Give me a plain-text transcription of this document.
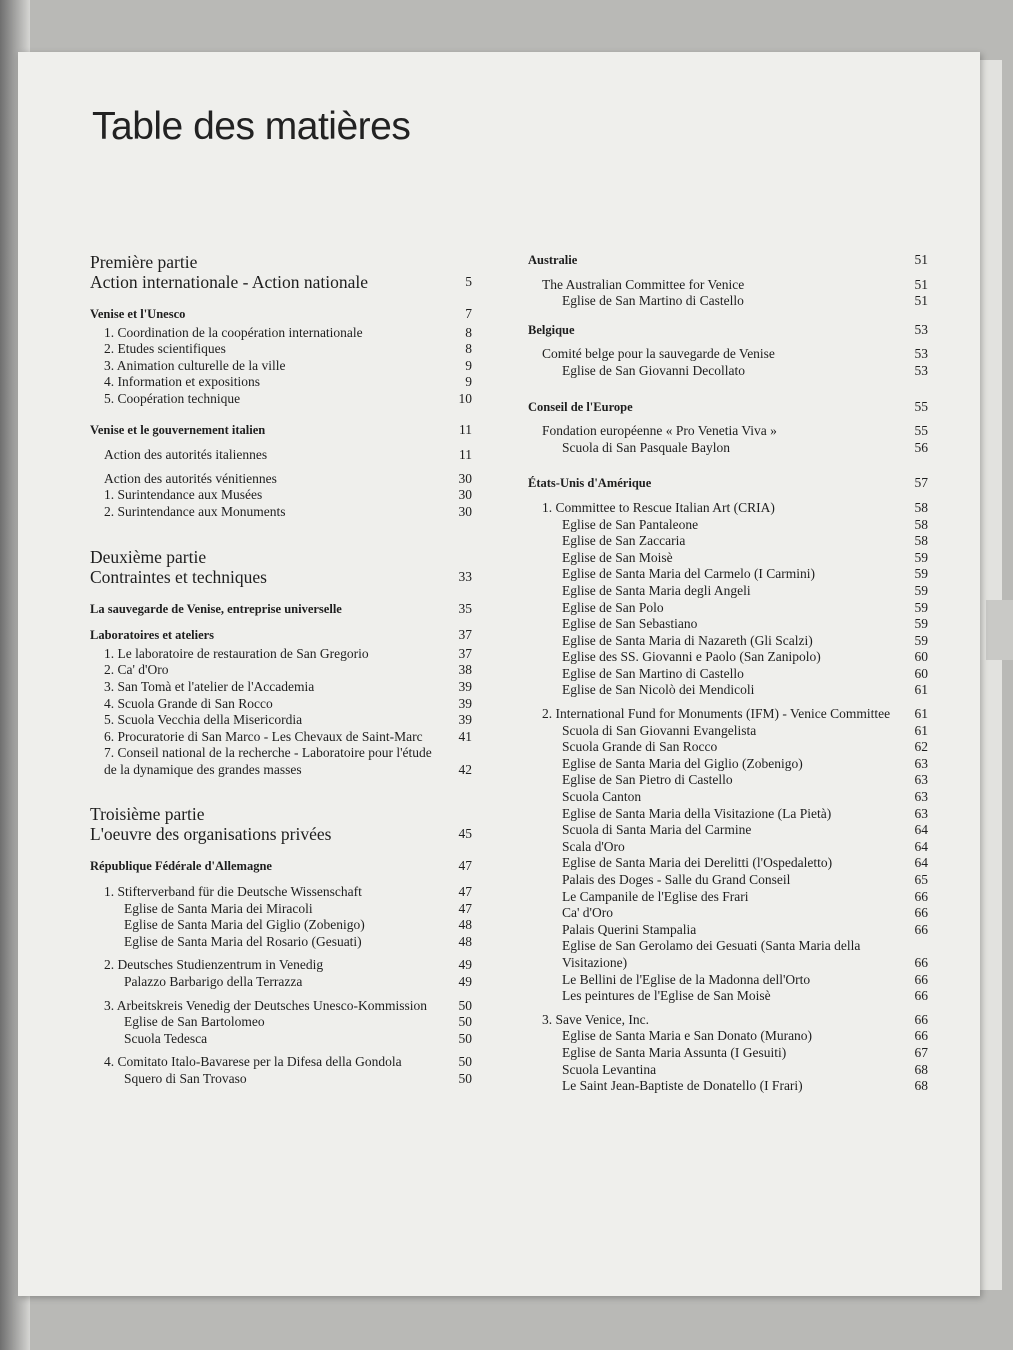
Table des matières
Première partie
Action internationale - Action nationale	5
Venise et l'Unesco	7
1. Coordination de la coopération internationale	8
2. Etudes scientifiques	8
3. Animation culturelle de la ville	9
4. Information et expositions	9
5. Coopération technique	10
Venise et le gouvernement italien	11
Action des autorités italiennes	11
Action des autorités vénitiennes	30
1. Surintendance aux Musées	30
2. Surintendance aux Monuments	30
Deuxième partie
Contraintes et techniques	33
La sauvegarde de Venise, entreprise universelle	35
Laboratoires et ateliers	37
1. Le laboratoire de restauration de San Gregorio	37
2. Ca' d'Oro	38
3. San Tomà et l'atelier de l'Accademia	39
4. Scuola Grande di San Rocco	39
5. Scuola Vecchia della Misericordia	39
6. Procuratorie di San Marco - Les Chevaux de Saint-Marc	41
7. Conseil national de la recherche - Laboratoire pour l'étude de la dynamique des grandes masses	42
Troisième partie
L'oeuvre des organisations privées	45
République Fédérale d'Allemagne	47
1. Stifterverband für die Deutsche Wissenschaft	47
Eglise de Santa Maria dei Miracoli	47
Eglise de Santa Maria del Giglio (Zobenigo)	48
Eglise de Santa Maria del Rosario (Gesuati)	48
2. Deutsches Studienzentrum in Venedig	49
Palazzo Barbarigo della Terrazza	49
3. Arbeitskreis Venedig der Deutsches Unesco-Kommission	50
Eglise de San Bartolomeo	50
Scuola Tedesca	50
4. Comitato Italo-Bavarese per la Difesa della Gondola	50
Squero di San Trovaso	50
Australie	51
The Australian Committee for Venice	51
Eglise de San Martino di Castello	51
Belgique	53
Comité belge pour la sauvegarde de Venise	53
Eglise de San Giovanni Decollato	53
Conseil de l'Europe	55
Fondation européenne « Pro Venetia Viva »	55
Scuola di San Pasquale Baylon	56
États-Unis d'Amérique	57
1. Committee to Rescue Italian Art (CRIA)	58
Eglise de San Pantaleone	58
Eglise de San Zaccaria	58
Eglise de San Moisè	59
Eglise de Santa Maria del Carmelo (I Carmini)	59
Eglise de Santa Maria degli Angeli	59
Eglise de San Polo	59
Eglise de San Sebastiano	59
Eglise de Santa Maria di Nazareth (Gli Scalzi)	59
Eglise des SS. Giovanni e Paolo (San Zanipolo)	60
Eglise de San Martino di Castello	60
Eglise de San Nicolò dei Mendicoli	61
2. International Fund for Monuments (IFM) - Venice Committee	61
Scuola di San Giovanni Evangelista	61
Scuola Grande di San Rocco	62
Eglise de Santa Maria del Giglio (Zobenigo)	63
Eglise de San Pietro di Castello	63
Scuola Canton	63
Eglise de Santa Maria della Visitazione (La Pietà)	63
Scuola di Santa Maria del Carmine	64
Scala d'Oro	64
Eglise de Santa Maria dei Derelitti (l'Ospedaletto)	64
Palais des Doges - Salle du Grand Conseil	65
Le Campanile de l'Eglise des Frari	66
Ca' d'Oro	66
Palais Querini Stampalia	66
Eglise de San Gerolamo dei Gesuati (Santa Maria della Visitazione)	66
Le Bellini de l'Eglise de la Madonna dell'Orto	66
Les peintures de l'Eglise de San Moisè	66
3. Save Venice, Inc.	66
Eglise de Santa Maria e San Donato (Murano)	66
Eglise de Santa Maria Assunta (I Gesuiti)	67
Scuola Levantina	68
Le Saint Jean-Baptiste de Donatello (I Frari)	68
